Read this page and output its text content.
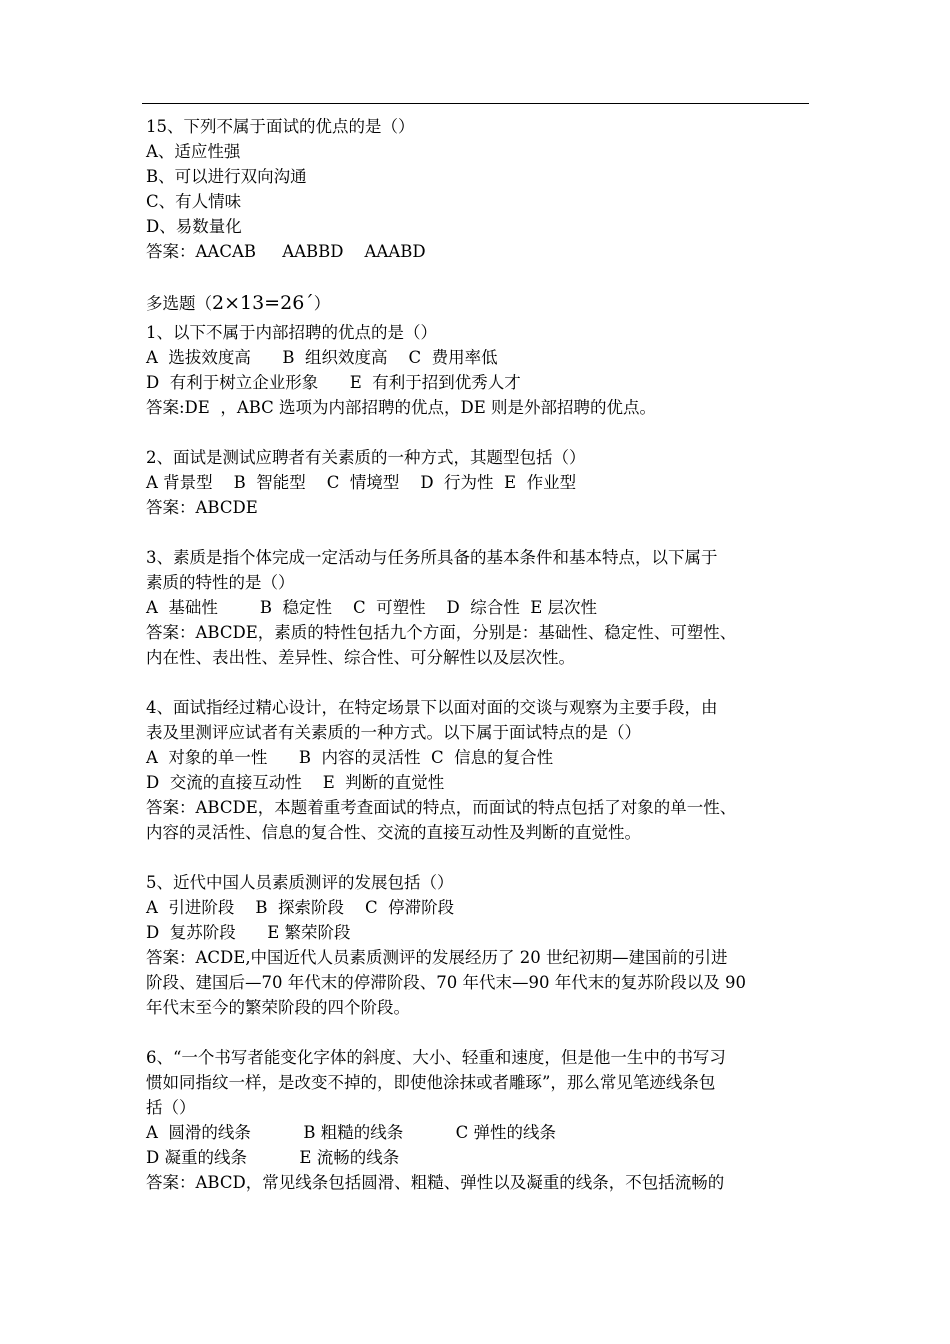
15、下列不属于面试的优点的是（）
A、适应性强
B、可以进行双向沟通
C、有人情味
D、易数量化
答案：AACAB     AABBD    AAABD
多选题（2×13=26´）
1、以下不属于内部招聘的优点的是（）
A  选拔效度高      B  组织效度高    C  费用率低
D  有利于树立企业形象      E  有利于招到优秀人才
答案:DE  ，ABC 选项为内部招聘的优点，DE 则是外部招聘的优点。
2、面试是测试应聘者有关素质的一种方式，其题型包括（）
A 背景型    B  智能型    C  情境型    D  行为性  E  作业型
答案：ABCDE
3、素质是指个体完成一定活动与任务所具备的基本条件和基本特点，以下属于
素质的特性的是（）
A  基础性        B  稳定性    C  可塑性    D  综合性  E 层次性
答案：ABCDE，素质的特性包括九个方面，分别是：基础性、稳定性、可塑性、
内在性、表出性、差异性、综合性、可分解性以及层次性。
4、面试指经过精心设计，在特定场景下以面对面的交谈与观察为主要手段，由
表及里测评应试者有关素质的一种方式。以下属于面试特点的是（）
A  对象的单一性      B  内容的灵活性  C  信息的复合性
D  交流的直接互动性    E  判断的直觉性
答案：ABCDE，本题着重考查面试的特点，而面试的特点包括了对象的单一性、
内容的灵活性、信息的复合性、交流的直接互动性及判断的直觉性。
5、近代中国人员素质测评的发展包括（）
A  引进阶段    B  探索阶段    C  停滞阶段
D  复苏阶段      E 繁荣阶段
答案：ACDE,中国近代人员素质测评的发展经历了 20 世纪初期—建国前的引进
阶段、建国后—70 年代末的停滞阶段、70 年代末—90 年代末的复苏阶段以及 90
年代末至今的繁荣阶段的四个阶段。
6、“一个书写者能变化字体的斜度、大小、轻重和速度，但是他一生中的书写习
惯如同指纹一样，是改变不掉的，即使他涂抹或者雕琢”，那么常见笔迹线条包
括（）
A  圆滑的线条          B 粗糙的线条          C 弹性的线条
D 凝重的线条          E 流畅的线条
答案：ABCD，常见线条包括圆滑、粗糙、弹性以及凝重的线条，不包括流畅的
